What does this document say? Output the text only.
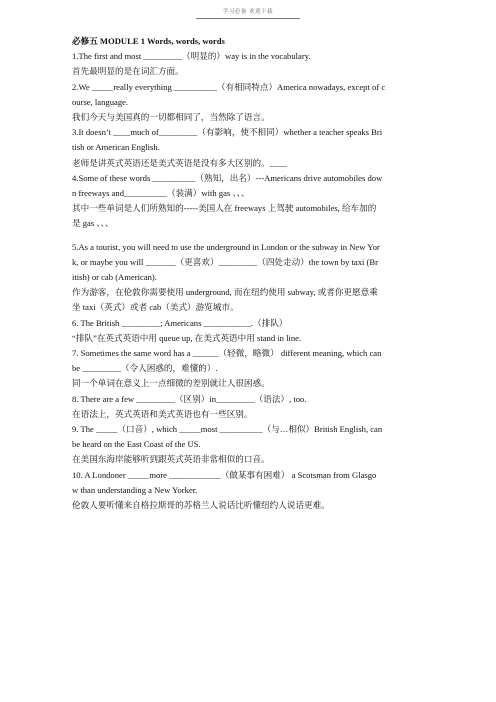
学习必备 欢迎下载
必修五 MODULE 1 Words, words, words
1.The first and most _________（明显的）way is in the vocabulary.
首先最明显的是在词汇方面。
2.We _____really everything __________（有相同特点）America nowadays, except of c
ourse, language.
我们今天与美国真的一切都相同了，当然除了语言。
3.It doesn’t ____much of_________（有影响，使不相同）whether a teacher speaks Bri
tish or American English.
老师是讲英式英语还是美式英语是没有多大区别的。____
4.Some of these words __________（熟知，出名）---Americans drive automobiles dow
n freeways and__________（装满）with gas 、、、
其中一些单词是人们所熟知的-----美国人在 freeways 上驾驶 automobiles, 给车加的
是 gas 、、、
5.As a tourist, you will need to use the underground in London or the subway in New Yor
k, or maybe you will _______（更喜欢）_________（四处走动）the town by taxi (Br
itish) or cab (American).
作为游客，在伦敦你需要使用 underground, 而在纽约使用 subway, 或者你更愿意乘
坐 taxi（英式）或者 cab（美式）游览城市。
6. The British _________; Americans ___________.（排队）
“排队”在英式英语中用 queue up, 在美式英语中用 stand in line.
7. Sometimes the same word has a ______（轻微，略微） different meaning, which can
be _________（令人困惑的，难懂的）.
同一个单词在意义上一点细微的差别就让人很困惑。
8. There are a few _________（区别）in_________（语法）, too.
在语法上，英式英语和美式英语也有一些区别。
9. The _____（口音）, which _____most __________（与…相似）British English, can
be heard on the East Coast of the US.
在美国东海岸能够听到跟英式英语非常相似的口音。
10. A Londoner _____more ____________（做某事有困难） a Scotsman from Glasgo
w than understanding a New Yorker.
伦敦人要听懂来自格拉斯哥的苏格兰人说话比听懂纽约人说话更难。
